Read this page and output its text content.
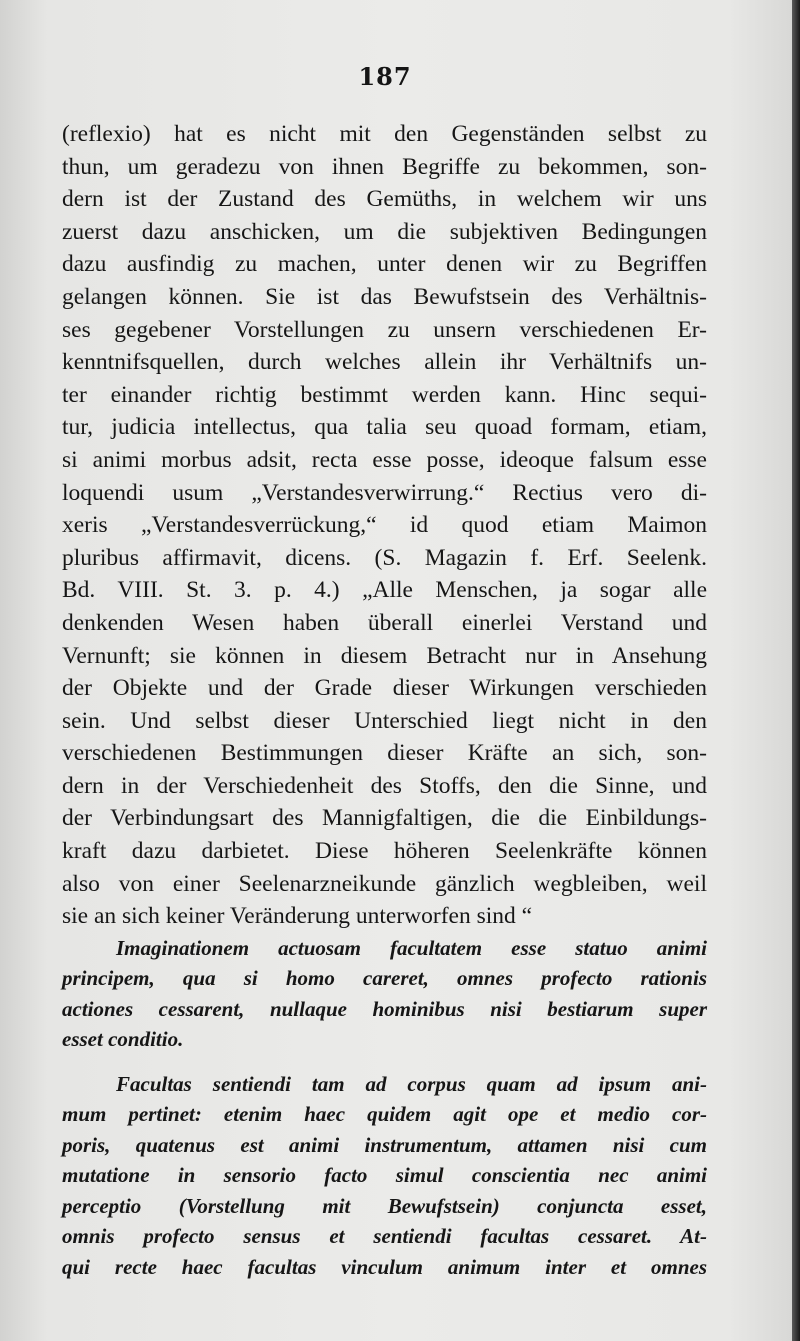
187
(reflexio) hat es nicht mit den Gegenständen selbst zu
thun, um geradezu von ihnen Begriffe zu bekommen, son-
dern ist der Zustand des Gemüths, in welchem wir uns
zuerst dazu anschicken, um die subjektiven Bedingungen
dazu ausfindig zu machen, unter denen wir zu Begriffen
gelangen können. Sie ist das Bewufstsein des Verhältnis-
ses gegebener Vorstellungen zu unsern verschiedenen Er-
kenntnifsquellen, durch welches allein ihr Verhältnifs un-
ter einander richtig bestimmt werden kann. Hinc sequi-
tur, judicia intellectus, qua talia seu quoad formam, etiam,
si animi morbus adsit, recta esse posse, ideoque falsum esse
loquendi usum „Verstandesverwirrung.“ Rectius vero di-
xeris „Verstandesverrückung,“ id quod etiam Maimon
pluribus affirmavit, dicens. (S. Magazin f. Erf. Seelenk.
Bd. VIII. St. 3. p. 4.) „Alle Menschen, ja sogar alle
denkenden Wesen haben überall einerlei Verstand und
Vernunft; sie können in diesem Betracht nur in Ansehung
der Objekte und der Grade dieser Wirkungen verschieden
sein. Und selbst dieser Unterschied liegt nicht in den
verschiedenen Bestimmungen dieser Kräfte an sich, son-
dern in der Verschiedenheit des Stoffs, den die Sinne, und
der Verbindungsart des Mannigfaltigen, die die Einbildungs-
kraft dazu darbietet. Diese höheren Seelenkräfte können
also von einer Seelenarzneikunde gänzlich wegbleiben, weil
sie an sich keiner Veränderung unterworfen sind “
Imaginationem actuosam facultatem esse statuo animi
principem, qua si homo careret, omnes profecto rationis
actiones cessarent, nullaque hominibus nisi bestiarum super
esset conditio.
Facultas sentiendi tam ad corpus quam ad ipsum ani-
mum pertinet: etenim haec quidem agit ope et medio cor-
poris, quatenus est animi instrumentum, attamen nisi cum
mutatione in sensorio facto simul conscientia nec animi
perceptio (Vorstellung mit Bewufstsein) conjuncta esset,
omnis profecto sensus et sentiendi facultas cessaret. At-
qui recte haec facultas vinculum animum inter et omnes
